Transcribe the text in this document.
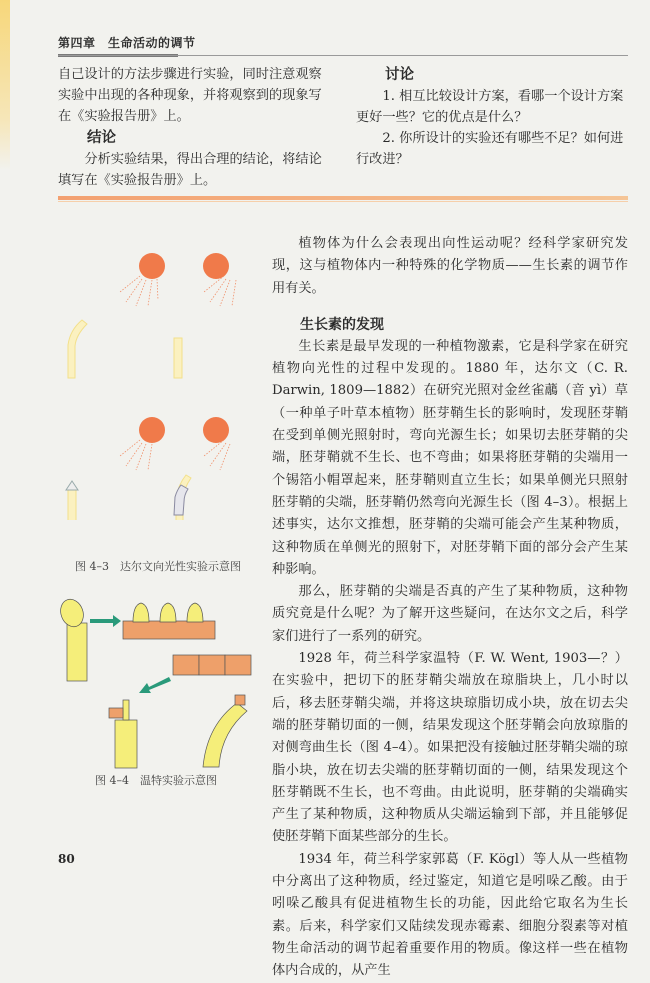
第四章　生命活动的调节

自己设计的方法步骤进行实验，同时注意观察实验中出现的各种现象，并将观察到的现象写在《实验报告册》上。

结论

分析实验结果，得出合理的结论，将结论填写在《实验报告册》上。

讨论

1. 相互比较设计方案，看哪一个设计方案更好一些？它的优点是什么？

2. 你所设计的实验还有哪些不足？如何进行改进？

图 4–3　达尔文向光性实验示意图
图 4–4　温特实验示意图

植物体为什么会表现出向性运动呢？经科学家研究发现，这与植物体内一种特殊的化学物质——生长素的调节作用有关。

生长素的发现

生长素是最早发现的一种植物激素，它是科学家在研究植物向光性的过程中发现的。1880 年，达尔文（C. R. Darwin, 1809—1882）在研究光照对金丝雀虉（音 yì）草（一种单子叶草本植物）胚芽鞘生长的影响时，发现胚芽鞘在受到单侧光照射时，弯向光源生长；如果切去胚芽鞘的尖端，胚芽鞘就不生长、也不弯曲；如果将胚芽鞘的尖端用一个锡箔小帽罩起来，胚芽鞘则直立生长；如果单侧光只照射胚芽鞘的尖端，胚芽鞘仍然弯向光源生长（图 4–3）。根据上述事实，达尔文推想，胚芽鞘的尖端可能会产生某种物质，这种物质在单侧光的照射下，对胚芽鞘下面的部分会产生某种影响。

那么，胚芽鞘的尖端是否真的产生了某种物质，这种物质究竟是什么呢？为了解开这些疑问，在达尔文之后，科学家们进行了一系列的研究。

1928 年，荷兰科学家温特（F. W. Went, 1903—？）在实验中，把切下的胚芽鞘尖端放在琼脂块上，几小时以后，移去胚芽鞘尖端，并将这块琼脂切成小块，放在切去尖端的胚芽鞘切面的一侧，结果发现这个胚芽鞘会向放琼脂的对侧弯曲生长（图 4–4）。如果把没有接触过胚芽鞘尖端的琼脂小块，放在切去尖端的胚芽鞘切面的一侧，结果发现这个胚芽鞘既不生长，也不弯曲。由此说明，胚芽鞘的尖端确实产生了某种物质，这种物质从尖端运输到下部，并且能够促使胚芽鞘下面某些部分的生长。

1934 年，荷兰科学家郭葛（F. Kögl）等人从一些植物中分离出了这种物质，经过鉴定，知道它是吲哚乙酸。由于吲哚乙酸具有促进植物生长的功能，因此给它取名为生长素。后来，科学家们又陆续发现赤霉素、细胞分裂素等对植物生命活动的调节起着重要作用的物质。像这样一些在植物体内合成的，从产生

80
